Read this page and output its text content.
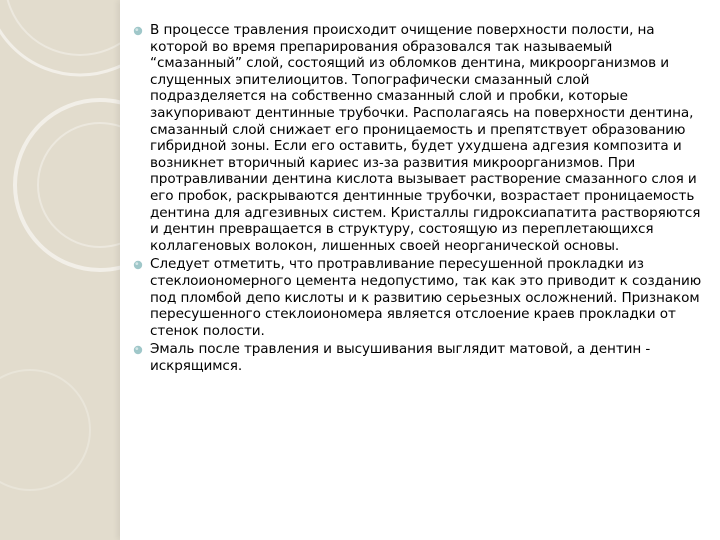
В процессе травления происходит очищение поверхности полости, на которой во время препарирования образовался так называемый “смазанный” слой, состоящий из обломков дентина, микроорганизмов и слущенных эпителиоцитов. Топографически смазанный слой подразделяется на собственно смазанный слой и пробки, которые закупоривают дентинные трубочки. Располагаясь на поверхности дентина, смазанный слой снижает его проницаемость и препятствует образованию гибридной зоны. Если его оставить, будет ухудшена адгезия композита и возникнет вторичный кариес из-за развития микроорганизмов. При протравливании дентина кислота вызывает растворение смазанного слоя и его пробок, раскрываются дентинные трубочки, возрастает проницаемость дентина для адгезивных систем. Кристаллы гидроксиапатита растворяются и дентин превращается в структуру, состоящую из переплетающихся коллагеновых волокон, лишенных своей неорганической основы.
Следует отметить, что протравливание пересушенной прокладки из стеклоиономерного цемента недопустимо, так как это приводит к созданию под пломбой депо кислоты и к развитию серьезных осложнений. Признаком пересушенного стеклоиономера является отслоение краев прокладки от стенок полости.
Эмаль после травления и высушивания выглядит матовой, а дентин - искрящимся.
